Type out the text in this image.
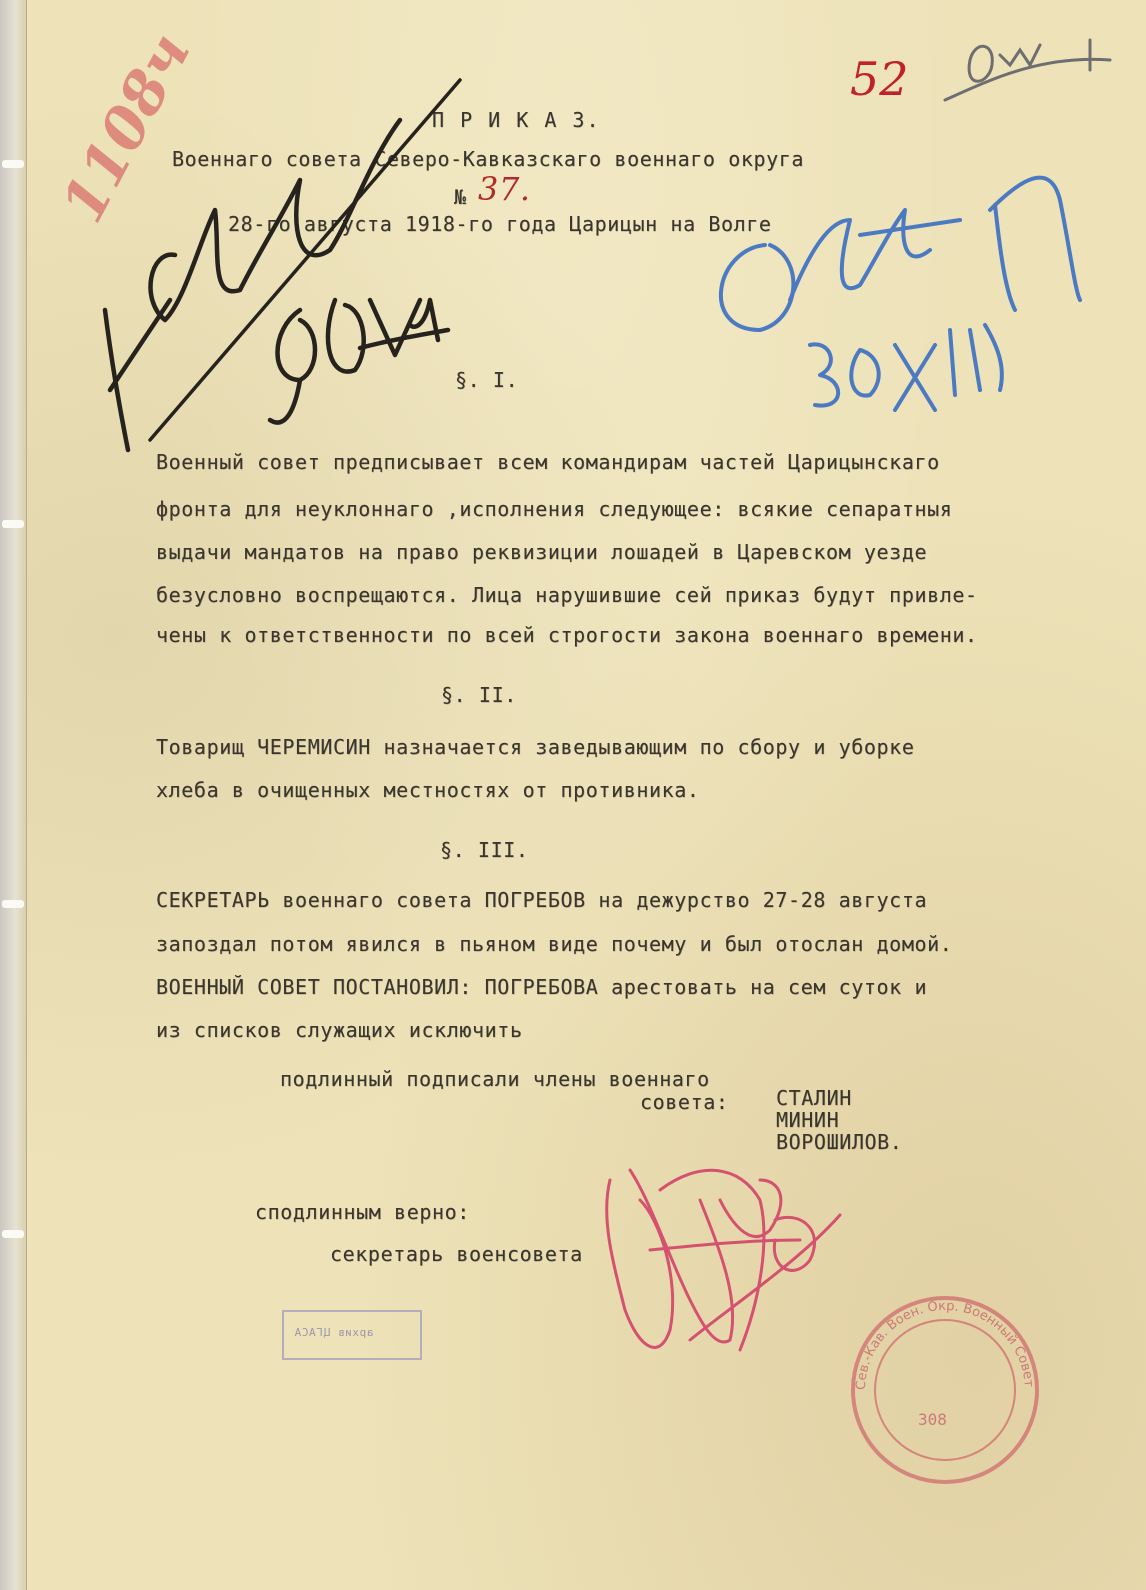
П Р И К А З.
Военнаго совета Северо-Кавказскаго военнаго округа
№ 37.
28-го августа 1918-го года Царицын на Волге
§. I.
Военный совет предписывает всем командирам частей Царицынскаго
фронта для неуклоннаго ,исполнения следующее: всякие сепаратныя
выдачи мандатов на право реквизиции лошадей в Царевском уезде
безусловно воспрещаются. Лица нарушившие сей приказ будут привле-
чены к ответственности по всей строгости закона военнаго времени.
§. II.
Товарищ ЧЕРЕМИСИН назначается заведывающим по сбору и уборке
хлеба в очищенных местностях от противника.
§. III.
СЕКРЕТАРЬ военнаго совета ПОГРЕБОВ на дежурство 27-28 августа
запоздал потом явился в пьяном виде почему и был отослан домой.
ВОЕННЫЙ СОВЕТ ПОСТАНОВИЛ: ПОГРЕБОВА арестовать на сем суток и
из списков служащих исключить
подлинный подписали члены военнаго
совета: СТАЛИН
МИНИН
ВОРОШИЛОВ.
сподлинным верно:
секретарь военсовета
архив ЦГАСА
52
1108ч
Сев.-Кав. Воен. Окр. Военный Совет
308
